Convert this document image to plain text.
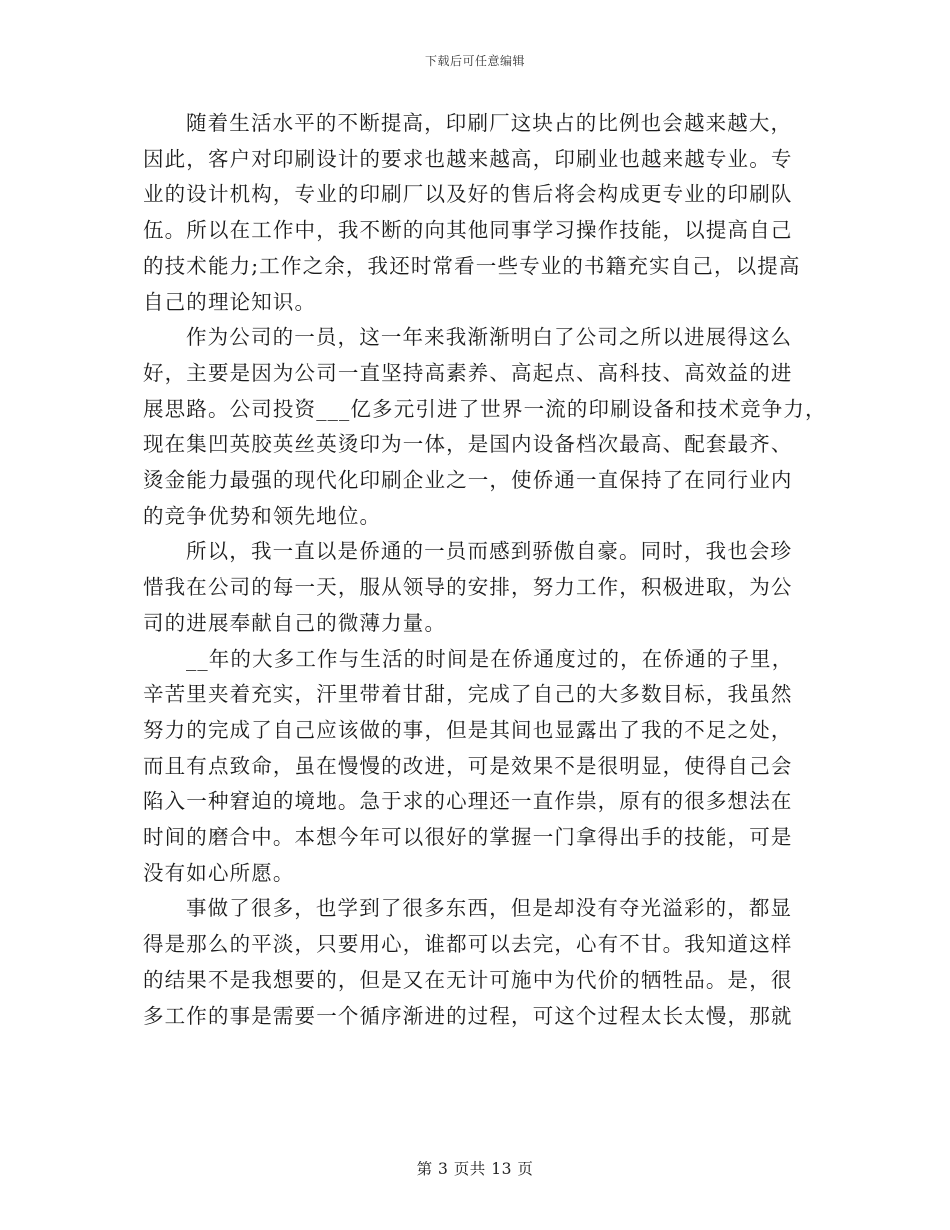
下载后可任意编辑

随着生活水平的不断提高，印刷厂这块占的比例也会越来越大，
因此，客户对印刷设计的要求也越来越高，印刷业也越来越专业。专
业的设计机构，专业的印刷厂以及好的售后将会构成更专业的印刷队
伍。所以在工作中，我不断的向其他同事学习操作技能，以提高自己
的技术能力;工作之余，我还时常看一些专业的书籍充实自己，以提高
自己的理论知识。

作为公司的一员，这一年来我渐渐明白了公司之所以进展得这么
好，主要是因为公司一直坚持高素养、高起点、高科技、高效益的进
展思路。公司投资___亿多元引进了世界一流的印刷设备和技术竞争力，
现在集凹英胶英丝英烫印为一体，是国内设备档次最高、配套最齐、
烫金能力最强的现代化印刷企业之一，使侨通一直保持了在同行业内
的竞争优势和领先地位。

所以，我一直以是侨通的一员而感到骄傲自豪。同时，我也会珍
惜我在公司的每一天，服从领导的安排，努力工作，积极进取，为公
司的进展奉献自己的微薄力量。

__年的大多工作与生活的时间是在侨通度过的，在侨通的子里，
辛苦里夹着充实，汗里带着甘甜，完成了自己的大多数目标，我虽然
努力的完成了自己应该做的事，但是其间也显露出了我的不足之处，
而且有点致命，虽在慢慢的改进，可是效果不是很明显，使得自己会
陷入一种窘迫的境地。急于求的心理还一直作祟，原有的很多想法在
时间的磨合中。本想今年可以很好的掌握一门拿得出手的技能，可是
没有如心所愿。

事做了很多，也学到了很多东西，但是却没有夺光溢彩的，都显
得是那么的平淡，只要用心，谁都可以去完，心有不甘。我知道这样
的结果不是我想要的，但是又在无计可施中为代价的牺牲品。是，很
多工作的事是需要一个循序渐进的过程，可这个过程太长太慢，那就

第 3 页共 13 页
